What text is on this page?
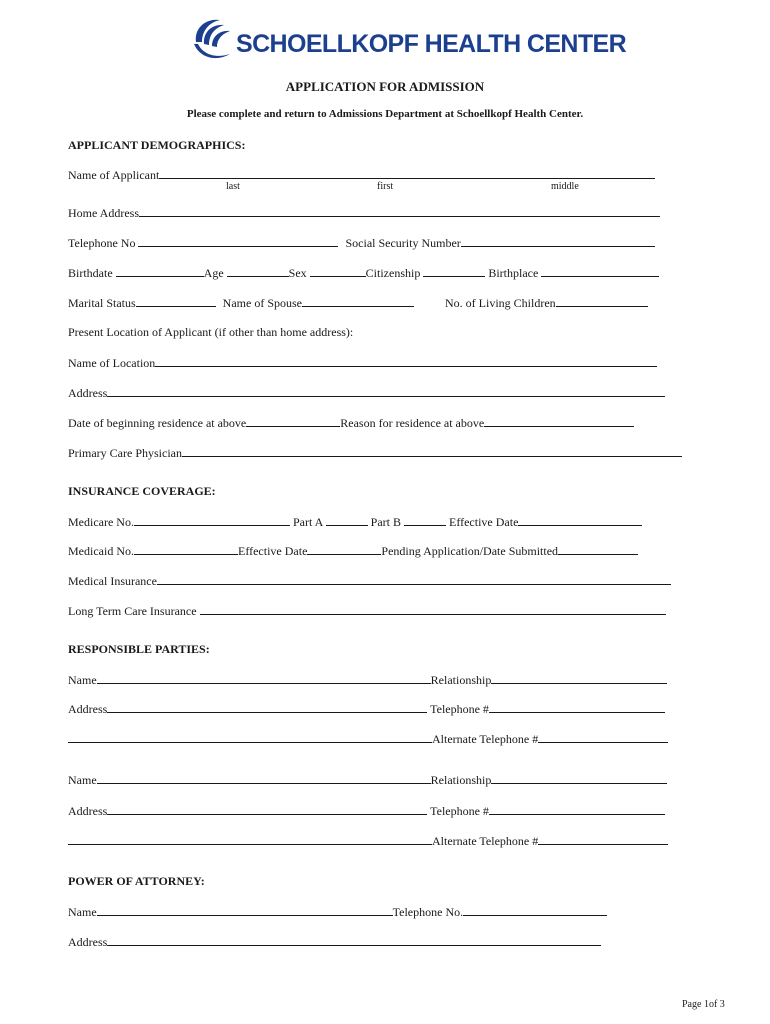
SCHOELLKOPF HEALTH CENTER
APPLICATION FOR ADMISSION
Please complete and return to Admissions Department at Schoellkopf Health Center.
APPLICANT DEMOGRAPHICS:
Name of Applicant
last	first	middle
Home Address
Telephone No	Social Security Number
Birthdate	Age	Sex	Citizenship	Birthplace
Marital Status	Name of Spouse	No. of Living Children
Present Location of Applicant (if other than home address):
Name of Location
Address
Date of beginning residence at above	Reason for residence at above
Primary Care Physician
INSURANCE COVERAGE:
Medicare No.	Part A	Part B	Effective Date
Medicaid No.	Effective Date	Pending Application/Date Submitted
Medical Insurance
Long Term Care Insurance
RESPONSIBLE PARTIES:
Name	Relationship
Address	Telephone #
Alternate Telephone #
Name	Relationship
Address	Telephone #
Alternate Telephone #
POWER OF ATTORNEY:
Name	Telephone No.
Address
Page 1of 3
